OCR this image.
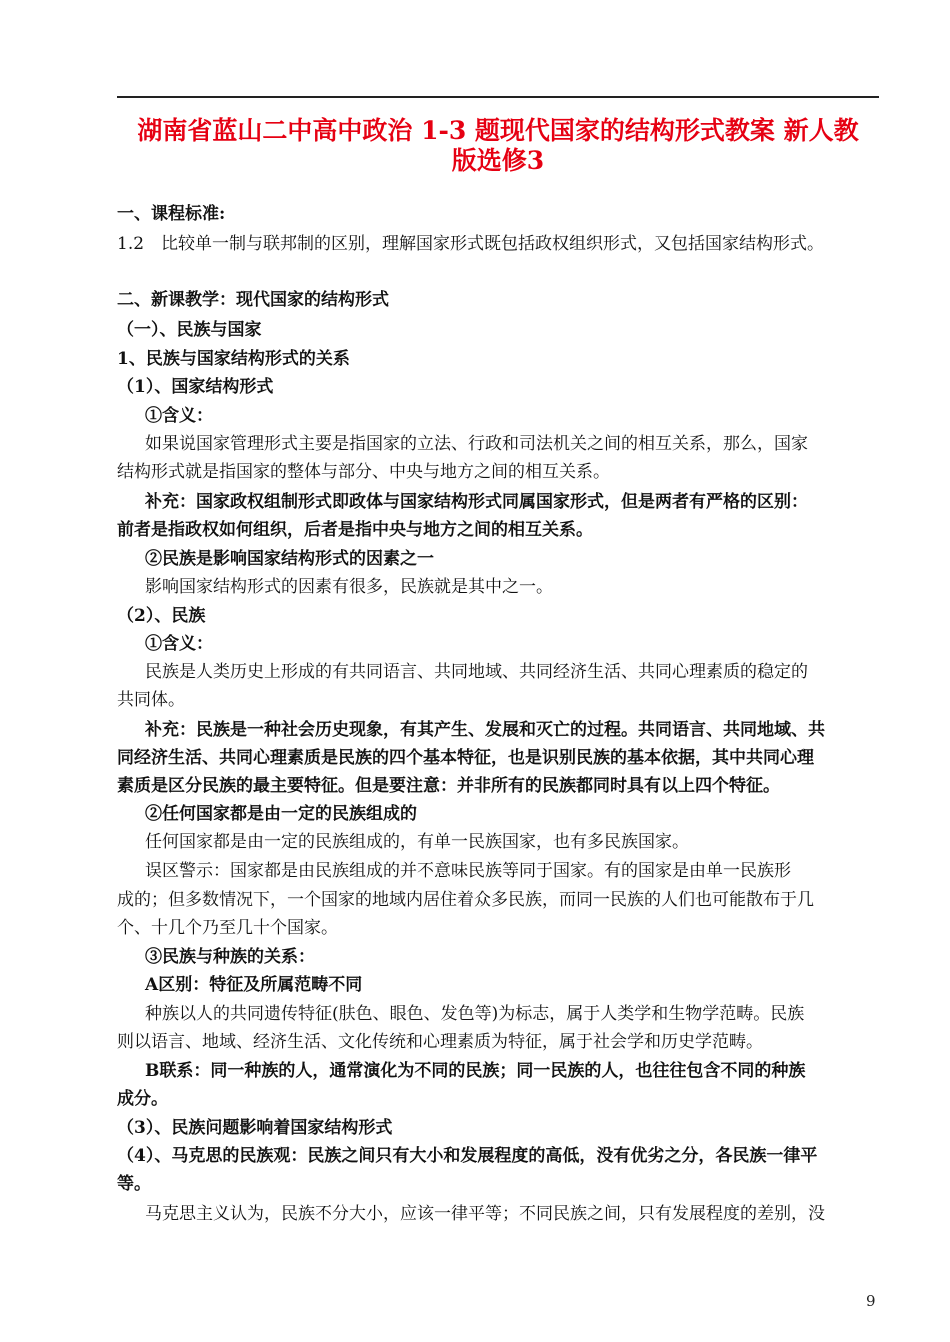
湖南省蓝山二中高中政治 1-3 题现代国家的结构形式教案 新人教
版选修3
一、课程标准:
1.2　比较单一制与联邦制的区别，理解国家形式既包括政权组织形式，又包括国家结构形式。
二、新课教学：现代国家的结构形式
（一）、民族与国家
1、民族与国家结构形式的关系
（1）、国家结构形式
①含义：
如果说国家管理形式主要是指国家的立法、行政和司法机关之间的相互关系，那么，国家
结构形式就是指国家的整体与部分、中央与地方之间的相互关系。
补充：国家政权组制形式即政体与国家结构形式同属国家形式，但是两者有严格的区别：
前者是指政权如何组织，后者是指中央与地方之间的相互关系。
②民族是影响国家结构形式的因素之一
影响国家结构形式的因素有很多，民族就是其中之一。
（2）、民族
①含义：
民族是人类历史上形成的有共同语言、共同地域、共同经济生活、共同心理素质的稳定的
共同体。
补充：民族是一种社会历史现象，有其产生、发展和灭亡的过程。共同语言、共同地域、共
同经济生活、共同心理素质是民族的四个基本特征，也是识别民族的基本依据，其中共同心理
素质是区分民族的最主要特征。但是要注意：并非所有的民族都同时具有以上四个特征。
②任何国家都是由一定的民族组成的
任何国家都是由一定的民族组成的，有单一民族国家，也有多民族国家。
误区警示：国家都是由民族组成的并不意味民族等同于国家。有的国家是由单一民族形
成的；但多数情况下，一个国家的地域内居住着众多民族，而同一民族的人们也可能散布于几
个、十几个乃至几十个国家。
③民族与种族的关系：
A区别：特征及所属范畴不同
种族以人的共同遗传特征(肤色、眼色、发色等)为标志，属于人类学和生物学范畴。民族
则以语言、地域、经济生活、文化传统和心理素质为特征，属于社会学和历史学范畴。
B联系：同一种族的人，通常演化为不同的民族；同一民族的人，也往往包含不同的种族
成分。
（3）、民族问题影响着国家结构形式
（4）、马克思的民族观：民族之间只有大小和发展程度的高低，没有优劣之分，各民族一律平
等。
马克思主义认为，民族不分大小，应该一律平等；不同民族之间，只有发展程度的差别，没
9
